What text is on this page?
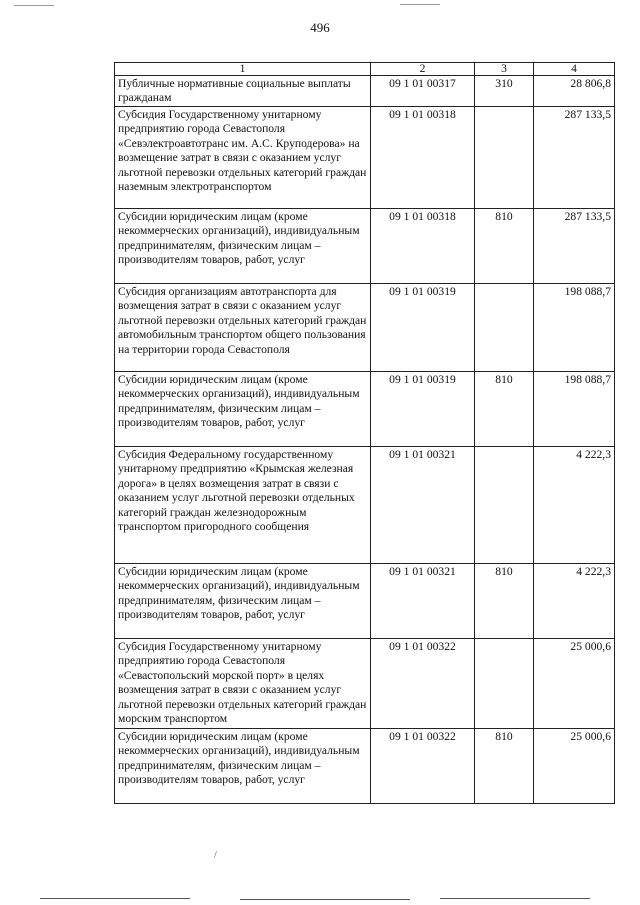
496
1	2	3	4
Публичные нормативные социальные выплаты гражданам	09 1 01 00317	310	28 806,8
Субсидия Государственному унитарному предприятию города Севастополя «Севэлектроавтотранс им. А.С. Круподерова» на возмещение затрат в связи с оказанием услуг льготной перевозки отдельных категорий граждан наземным электротранспортом	09 1 01 00318		287 133,5
Субсидии юридическим лицам (кроме некоммерческих организаций), индивидуальным предпринимателям, физическим лицам – производителям товаров, работ, услуг	09 1 01 00318	810	287 133,5
Субсидия организациям автотранспорта для возмещения затрат в связи с оказанием услуг льготной перевозки отдельных категорий граждан автомобильным транспортом общего пользования на территории города Севастополя	09 1 01 00319		198 088,7
Субсидии юридическим лицам (кроме некоммерческих организаций), индивидуальным предпринимателям, физическим лицам – производителям товаров, работ, услуг	09 1 01 00319	810	198 088,7
Субсидия Федеральному государственному унитарному предприятию «Крымская железная дорога» в целях возмещения затрат в связи с оказанием услуг льготной перевозки отдельных категорий граждан железнодорожным транспортом пригородного сообщения	09 1 01 00321		4 222,3
Субсидии юридическим лицам (кроме некоммерческих организаций), индивидуальным предпринимателям, физическим лицам – производителям товаров, работ, услуг	09 1 01 00321	810	4 222,3
Субсидия Государственному унитарному предприятию города Севастополя «Севастопольский морской порт» в целях возмещения затрат в связи с оказанием услуг льготной перевозки отдельных категорий граждан морским транспортом	09 1 01 00322		25 000,6
Субсидии юридическим лицам (кроме некоммерческих организаций), индивидуальным предпринимателям, физическим лицам – производителям товаров, работ, услуг	09 1 01 00322	810	25 000,6
/
